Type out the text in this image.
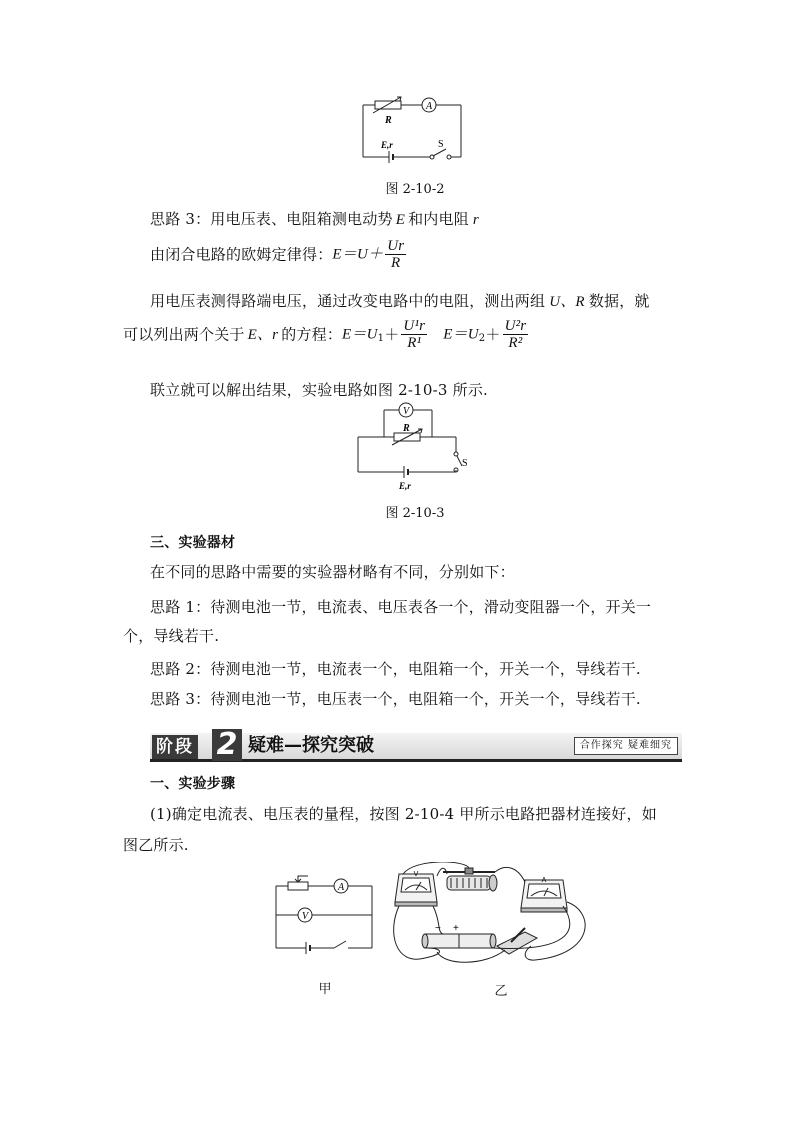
A
R
E,r	S
图 2-10-2
思路 3：用电压表、电阻箱测电动势 E 和内电阻 r
由闭合电路的欧姆定律得：$E=U+ \frac{Ur}{R}$
用电压表测得路端电压，通过改变电路中的电阻，测出两组 U、R 数据，就
可以列出两个关于 E、r 的方程：$E=U_1+ \frac{\text{U¹r}}{\text{R¹}} E=U_2+ \frac{\text{U²r}}{\text{R²}}$
联立就可以解出结果，实验电路如图 2-10-3 所示.
V
R
S
E,r
图 2-10-3
三、实验器材
在不同的思路中需要的实验器材略有不同，分别如下：
思路 1：待测电池一节，电流表、电压表各一个，滑动变阻器一个，开关一
个，导线若干.
思路 2：待测电池一节，电流表一个，电阻箱一个，开关一个，导线若干.
思路 3：待测电池一节，电压表一个，电阻箱一个，开关一个，导线若干.
阶段 2 疑难—探究突破	合作探究 疑难细究
一、实验步骤
(1)确定电流表、电压表的量程，按图 2-10-4 甲所示电路把器材连接好，如
图乙所示.
A
V
甲
V
A
− +
乙
